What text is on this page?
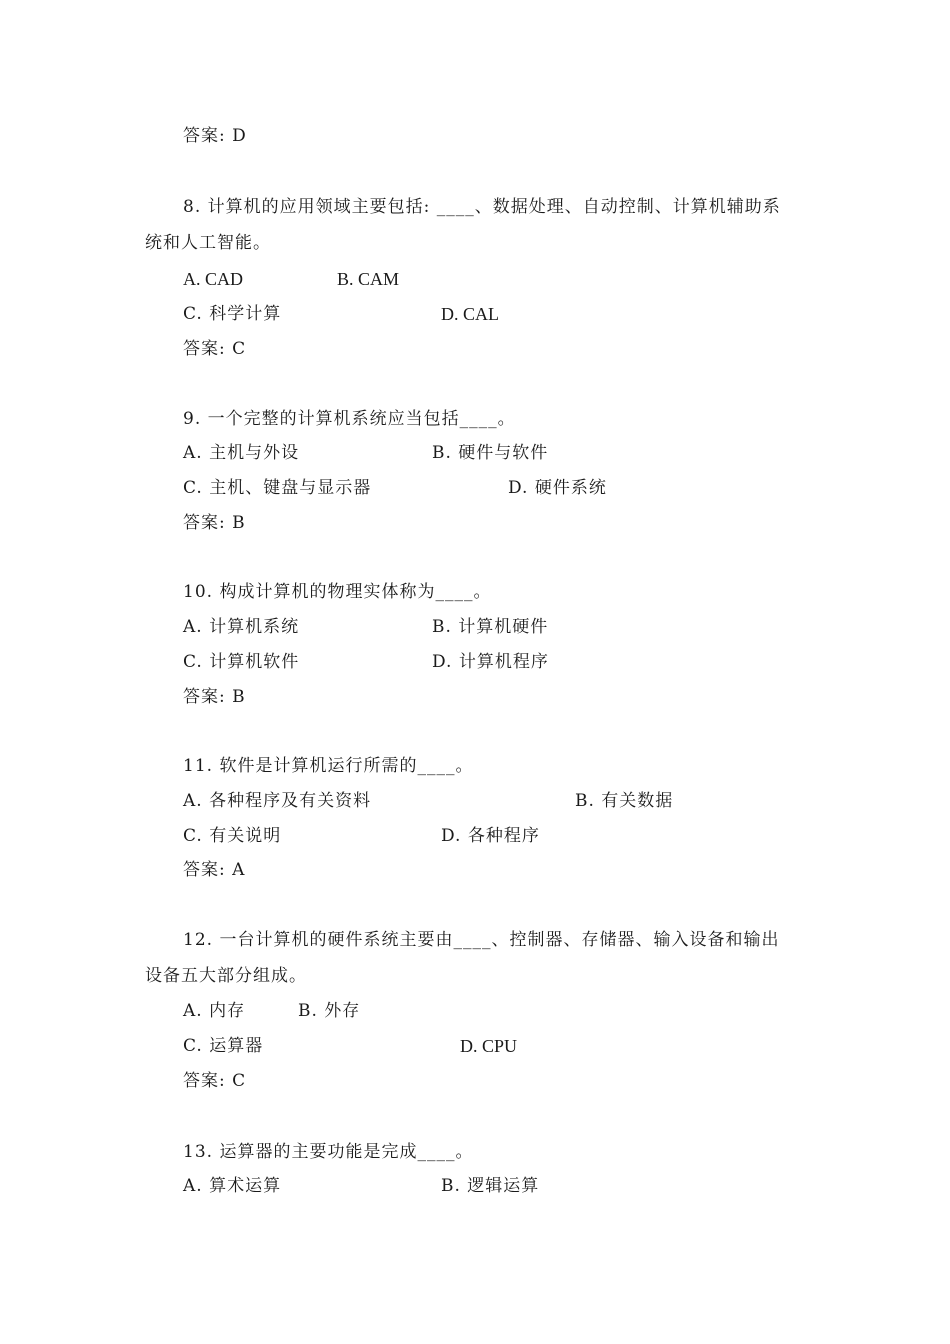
答案: D
8. 计算机的应用领域主要包括: ____、数据处理、自动控制、计算机辅助系
统和人工智能。
A. CAD	B. CAM
C. 科学计算	D. CAL
答案: C
9. 一个完整的计算机系统应当包括____。
A. 主机与外设	B. 硬件与软件
C. 主机、键盘与显示器	D. 硬件系统
答案: B
10. 构成计算机的物理实体称为____。
A. 计算机系统	B. 计算机硬件
C. 计算机软件	D. 计算机程序
答案: B
11. 软件是计算机运行所需的____。
A. 各种程序及有关资料	B. 有关数据
C. 有关说明	D. 各种程序
答案: A
12. 一台计算机的硬件系统主要由____、控制器、存储器、输入设备和输出
设备五大部分组成。
A. 内存	B. 外存
C. 运算器	D. CPU
答案: C
13. 运算器的主要功能是完成____。
A. 算术运算	B. 逻辑运算
